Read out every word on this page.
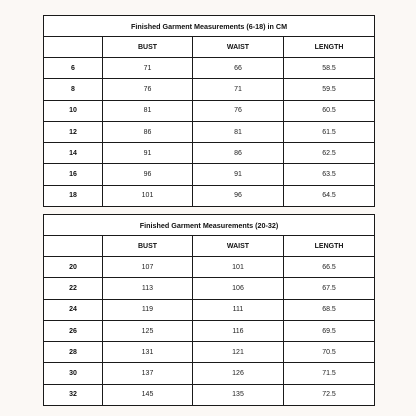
Finished Garment Measurements (6-18) in CM			
	BUST	WAIST	LENGTH
6	71	66	58.5
8	76	71	59.5
10	81	76	60.5
12	86	81	61.5
14	91	86	62.5
16	96	91	63.5
18	101	96	64.5
Finished Garment Measurements (20-32)			
	BUST	WAIST	LENGTH
20	107	101	66.5
22	113	106	67.5
24	119	111	68.5
26	125	116	69.5
28	131	121	70.5
30	137	126	71.5
32	145	135	72.5
